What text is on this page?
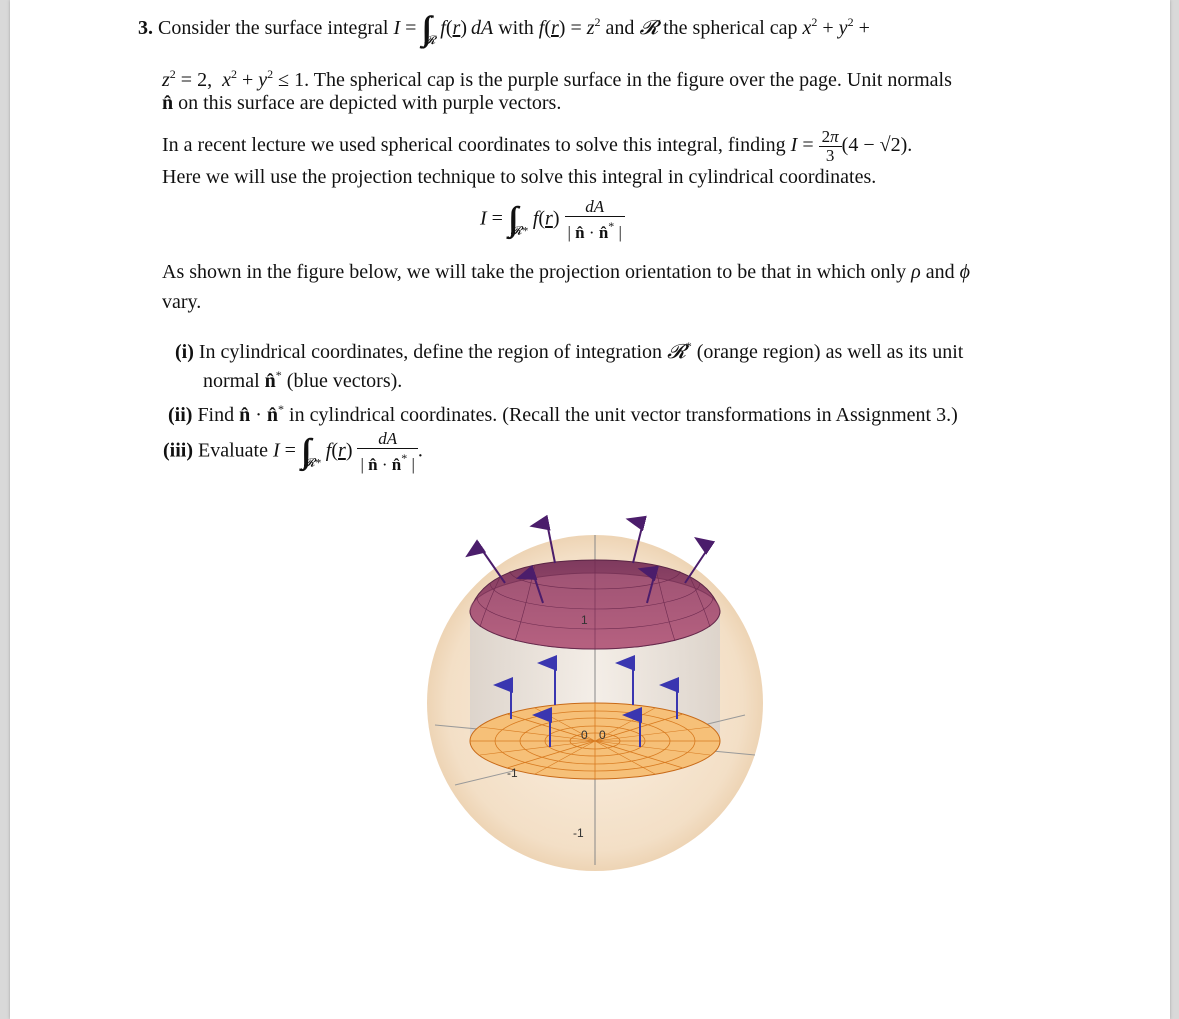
3. Consider the surface integral $I = \int\int_𝓡$ f(r) dA with $f(r) = z^2$ and 𝓡 the spherical cap $x^2 + y^2$ +
$z^2 = 2$, $x^2 + y^2 \le 1$. The spherical cap is the purple surface in the figure over the page. Unit normals
n̂ on this surface are depicted with purple vectors.
In a recent lecture we used spherical coordinates to solve this integral, finding $I = \frac{2\pi}{3} (4 - √2)$.
Here we will use the projection technique to solve this integral in cylindrical coordinates.
$I = \int\int_{𝓡*}$ $f(r) \frac{dA}{| n̂ \cdot n̂^* |}$
As shown in the figure below, we will take the projection orientation to be that in which only ρ and ϕ
vary.
(i) In cylindrical coordinates, define the region of integration 𝓡* (orange region) as well as its unit
normal n̂* (blue vectors).
(ii) Find n̂ · n̂* in cylindrical coordinates. (Recall the unit vector transformations in Assignment 3.)
(iii) Evaluate $I = \int\int_{𝓡*}$ $f(r) \frac{dA}{| n̂ \cdot n̂^* |}$ .
1
0 0
-1
-1
